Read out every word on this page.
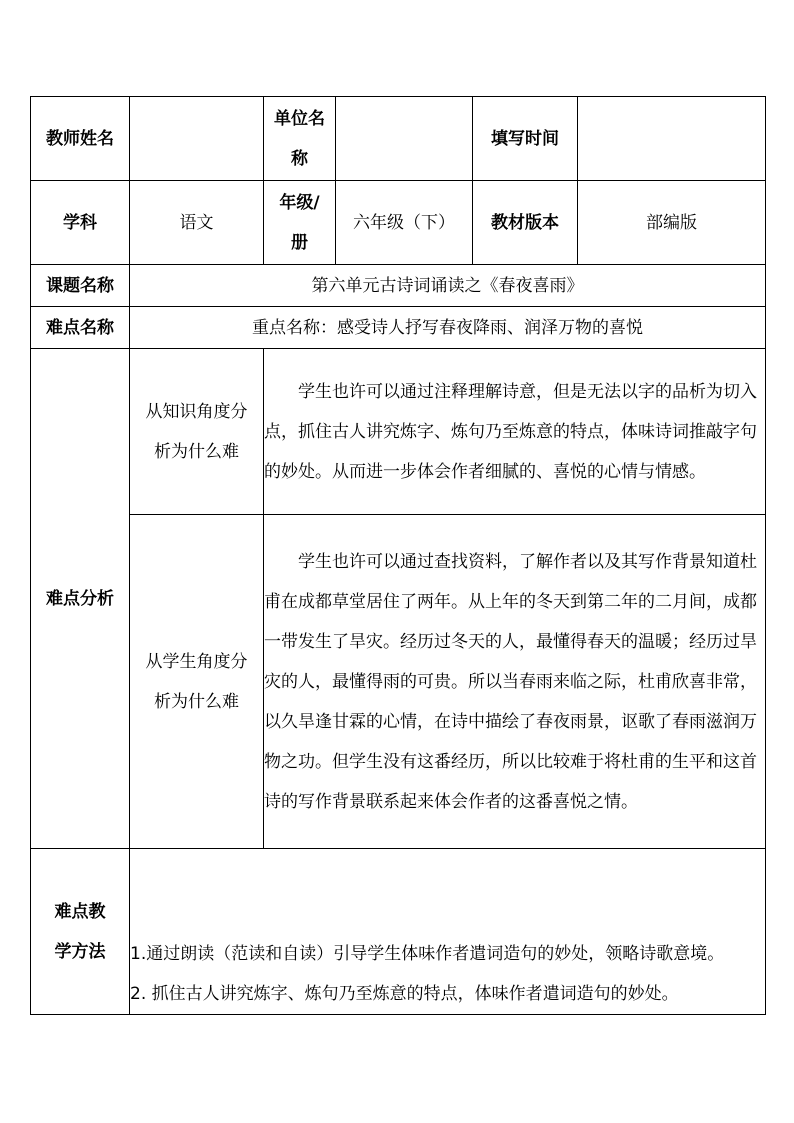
教师姓名		单位名称		填写时间	
学科	语文	年级/册	六年级（下）	教材版本	部编版
课题名称	第六单元古诗词诵读之《春夜喜雨》				
难点名称	重点名称：感受诗人抒写春夜降雨、润泽万物的喜悦				
难点分析	从知识角度分析为什么难	学生也许可以通过注释理解诗意，但是无法以字的品析为切入点，抓住古人讲究炼字、炼句乃至炼意的特点，体味诗词推敲字句的妙处。从而进一步体会作者细腻的、喜悦的心情与情感。			

	从学生角度分析为什么难	学生也许可以通过查找资料，了解作者以及其写作背景知道杜甫在成都草堂居住了两年。从上年的冬天到第二年的二月间，成都一带发生了旱灾。经历过冬天的人，最懂得春天的温暖；经历过旱灾的人，最懂得雨的可贵。所以当春雨来临之际，杜甫欣喜非常，以久旱逢甘霖的心情，在诗中描绘了春夜雨景，讴歌了春雨滋润万物之功。但学生没有这番经历，所以比较难于将杜甫的生平和这首诗的写作背景联系起来体会作者的这番喜悦之情。			

难点教学方法	1.通过朗读（范读和自读）引导学生体味作者遣词造句的妙处，领略诗歌意境。
2. 抓住古人讲究炼字、炼句乃至炼意的特点，体味作者遣词造句的妙处。				
